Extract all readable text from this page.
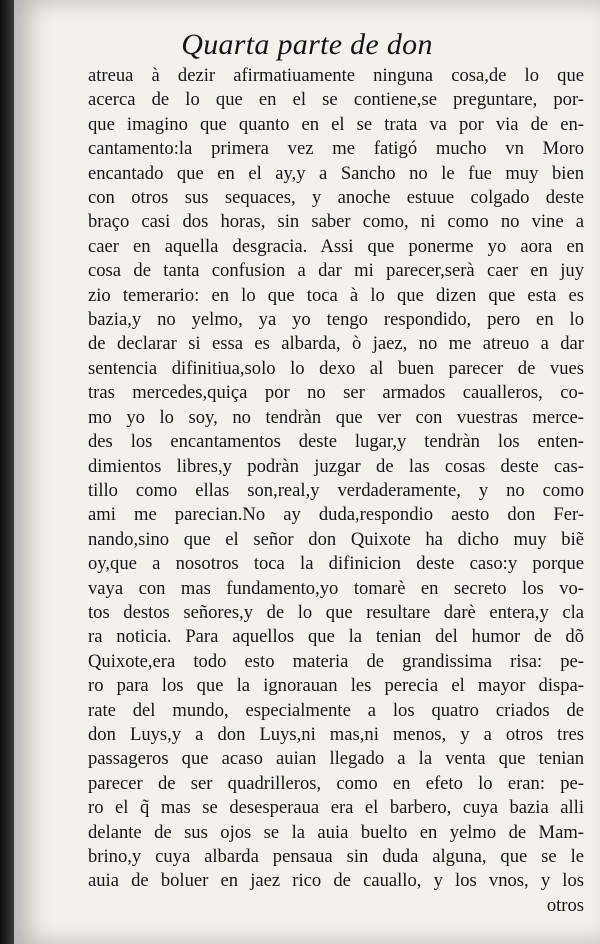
Quarta parte de don
atreua à dezir afirmatiuamente ninguna cosa,de lo que
acerca de lo que en el se contiene,se preguntare, por-
que imagino que quanto en el se trata va por via de en-
cantamento:la primera vez me fatigó mucho vn Moro
encantado que en el ay,y a Sancho no le fue muy bien
con otros sus sequaces, y anoche estuue colgado deste
braço casi dos horas, sin saber como, ni como no vine a
caer en aquella desgracia. Assi que ponerme yo aora en
cosa de tanta confusion a dar mi parecer,serà caer en juy
zio temerario: en lo que toca à lo que dizen que esta es
bazia,y no yelmo, ya yo tengo respondido, pero en lo
de declarar si essa es albarda, ò jaez, no me atreuo a dar
sentencia difinitiua,solo lo dexo al buen parecer de vues
tras mercedes,quiça por no ser armados caualleros, co-
mo yo lo soy, no tendràn que ver con vuestras merce-
des los encantamentos deste lugar,y tendràn los enten-
dimientos libres,y podràn juzgar de las cosas deste cas-
tillo como ellas son,real,y verdaderamente, y no como
ami me parecian.No ay duda,respondio aesto don Fer-
nando,sino que el señor don Quixote ha dicho muy biẽ
oy,que a nosotros toca la difinicion deste caso:y porque
vaya con mas fundamento,yo tomarè en secreto los vo-
tos destos señores,y de lo que resultare darè entera,y cla
ra noticia. Para aquellos que la tenian del humor de dõ
Quixote,era todo esto materia de grandissima risa: pe-
ro para los que la ignorauan les perecia el mayor dispa-
rate del mundo, especialmente a los quatro criados de
don Luys,y a don Luys,ni mas,ni menos, y a otros tres
passageros que acaso auian llegado a la venta que tenian
parecer de ser quadrilleros, como en efeto lo eran: pe-
ro el q̃ mas se desesperaua era el barbero, cuya bazia alli
delante de sus ojos se la auia buelto en yelmo de Mam-
brino,y cuya albarda pensaua sin duda alguna, que se le
auia de boluer en jaez rico de cauallo, y los vnos, y los
otros
